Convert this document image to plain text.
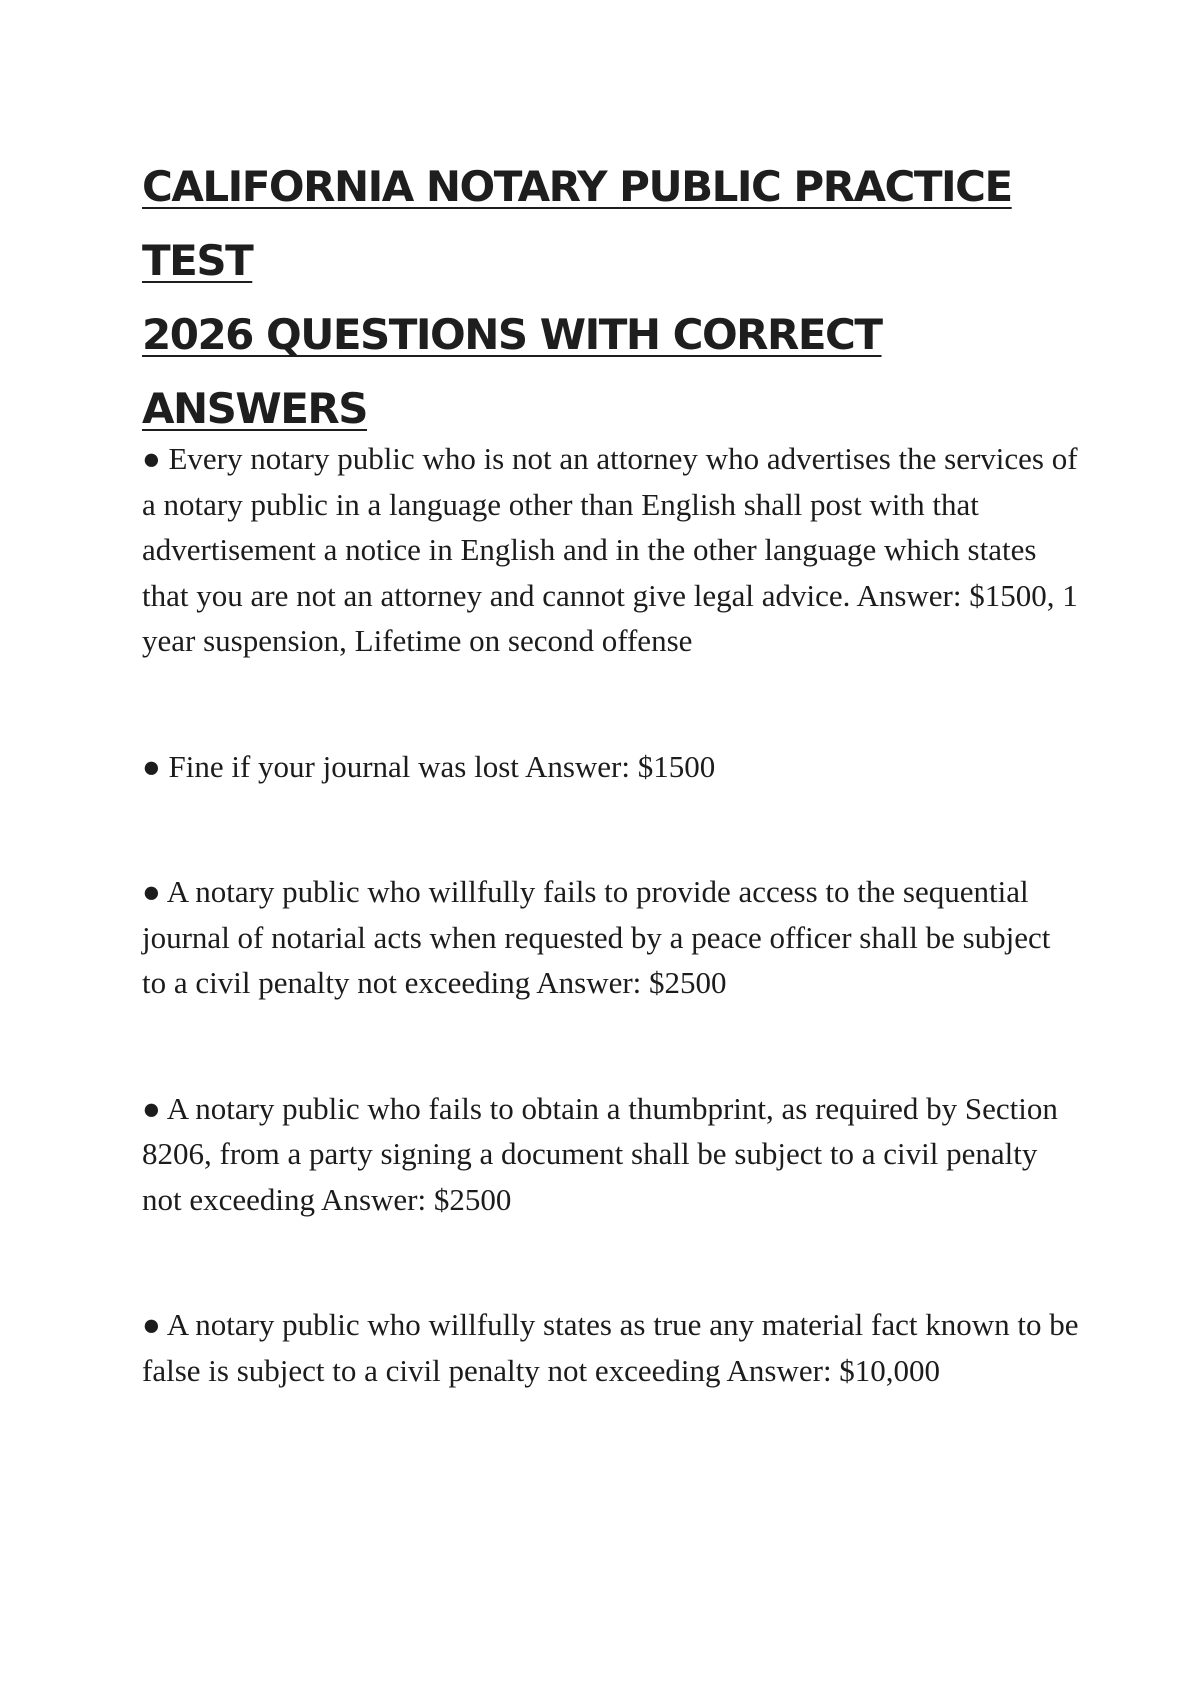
CALIFORNIA NOTARY PUBLIC PRACTICE TEST
2026 QUESTIONS WITH CORRECT ANSWERS
● Every notary public who is not an attorney who advertises the services of a notary public in a language other than English shall post with that advertisement a notice in English and in the other language which states that you are not an attorney and cannot give legal advice. Answer: $1500, 1 year suspension, Lifetime on second offense
● Fine if your journal was lost Answer: $1500
● A notary public who willfully fails to provide access to the sequential journal of notarial acts when requested by a peace officer shall be subject to a civil penalty not exceeding Answer: $2500
● A notary public who fails to obtain a thumbprint, as required by Section 8206, from a party signing a document shall be subject to a civil penalty not exceeding Answer: $2500
● A notary public who willfully states as true any material fact known to be false is subject to a civil penalty not exceeding Answer: $10,000
